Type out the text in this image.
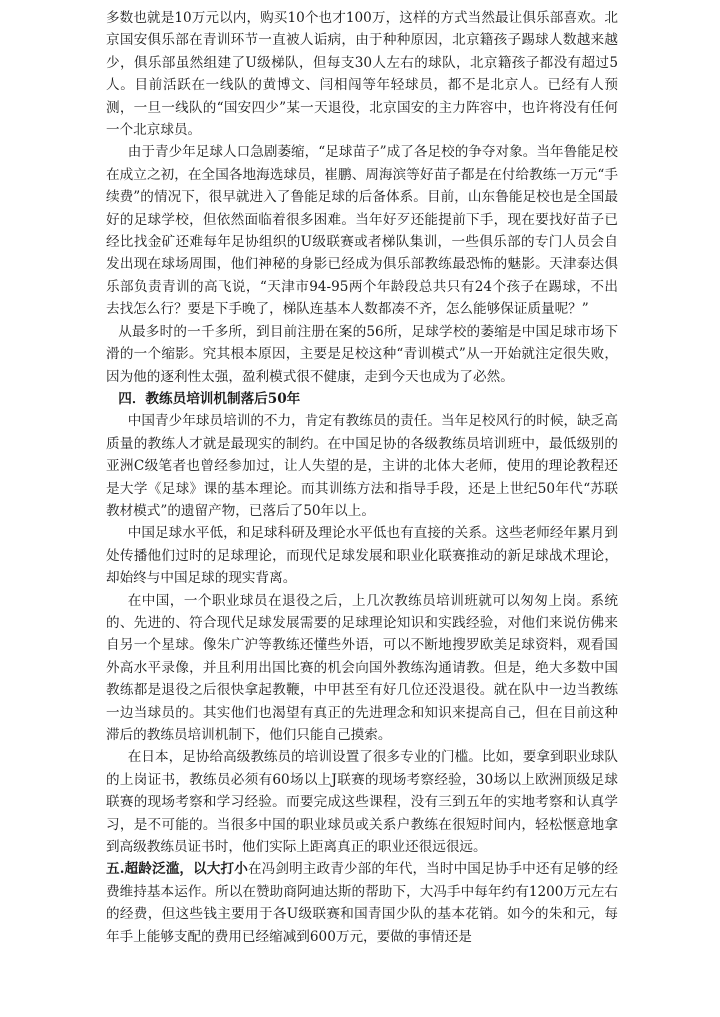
多数也就是10万元以内，购买10个也才100万，这样的方式当然最让俱乐部喜欢。北京国安俱乐部在青训环节一直被人诟病，由于种种原因，北京籍孩子踢球人数越来越少，俱乐部虽然组建了U级梯队，但每支30人左右的球队，北京籍孩子都没有超过5人。目前活跃在一线队的黄博文、闫相闯等年轻球员，都不是北京人。已经有人预测，一旦一线队的“国安四少”某一天退役，北京国安的主力阵容中，也许将没有任何一个北京球员。

由于青少年足球人口急剧萎缩，“足球苗子”成了各足校的争夺对象。当年鲁能足校在成立之初，在全国各地海选球员，崔鹏、周海滨等好苗子都是在付给教练一万元“手续费”的情况下，很早就进入了鲁能足球的后备体系。目前，山东鲁能足校也是全国最好的足球学校，但依然面临着很多困难。当年好歹还能提前下手，现在要找好苗子已经比找金矿还难每年足协组织的U级联赛或者梯队集训，一些俱乐部的专门人员会自发出现在球场周围，他们神秘的身影已经成为俱乐部教练最恐怖的魅影。天津泰达俱乐部负责青训的高飞说，“天津市94-95两个年龄段总共只有24个孩子在踢球，不出去找怎么行？要是下手晚了，梯队连基本人数都凑不齐，怎么能够保证质量呢？”

从最多时的一千多所，到目前注册在案的56所，足球学校的萎缩是中国足球市场下滑的一个缩影。究其根本原因，主要是足校这种“青训模式”从一开始就注定很失败，因为他的逐利性太强，盈利模式很不健康，走到今天也成为了必然。

四．教练员培训机制落后50年

中国青少年球员培训的不力，肯定有教练员的责任。当年足校风行的时候，缺乏高质量的教练人才就是最现实的制约。在中国足协的各级教练员培训班中，最低级别的亚洲C级笔者也曾经参加过，让人失望的是，主讲的北体大老师，使用的理论教程还是大学《足球》课的基本理论。而其训练方法和指导手段，还是上世纪50年代“苏联教材模式”的遗留产物，已落后了50年以上。

中国足球水平低，和足球科研及理论水平低也有直接的关系。这些老师经年累月到处传播他们过时的足球理论，而现代足球发展和职业化联赛推动的新足球战术理论，却始终与中国足球的现实背离。

在中国，一个职业球员在退役之后，上几次教练员培训班就可以匆匆上岗。系统的、先进的、符合现代足球发展需要的足球理论知识和实践经验，对他们来说仿佛来自另一个星球。像朱广沪等教练还懂些外语，可以不断地搜罗欧美足球资料，观看国外高水平录像，并且利用出国比赛的机会向国外教练沟通请教。但是，绝大多数中国教练都是退役之后很快拿起教鞭，中甲甚至有好几位还没退役。就在队中一边当教练一边当球员的。其实他们也渴望有真正的先进理念和知识来提高自己，但在目前这种滞后的教练员培训机制下，他们只能自己摸索。

在日本，足协给高级教练员的培训设置了很多专业的门槛。比如，要拿到职业球队的上岗证书，教练员必须有60场以上J联赛的现场考察经验，30场以上欧洲顶级足球联赛的现场考察和学习经验。而要完成这些课程，没有三到五年的实地考察和认真学习，是不可能的。当很多中国的职业球员或关系户教练在很短时间内，轻松惬意地拿到高级教练员证书时，他们实际上距离真正的职业还很远很远。

五.超龄泛滥，以大打小在冯剑明主政青少部的年代，当时中国足协手中还有足够的经费维持基本运作。所以在赞助商阿迪达斯的帮助下，大冯手中每年约有1200万元左右的经费，但这些钱主要用于各U级联赛和国青国少队的基本花销。如今的朱和元，每年手上能够支配的费用已经缩减到600万元，要做的事情还是
